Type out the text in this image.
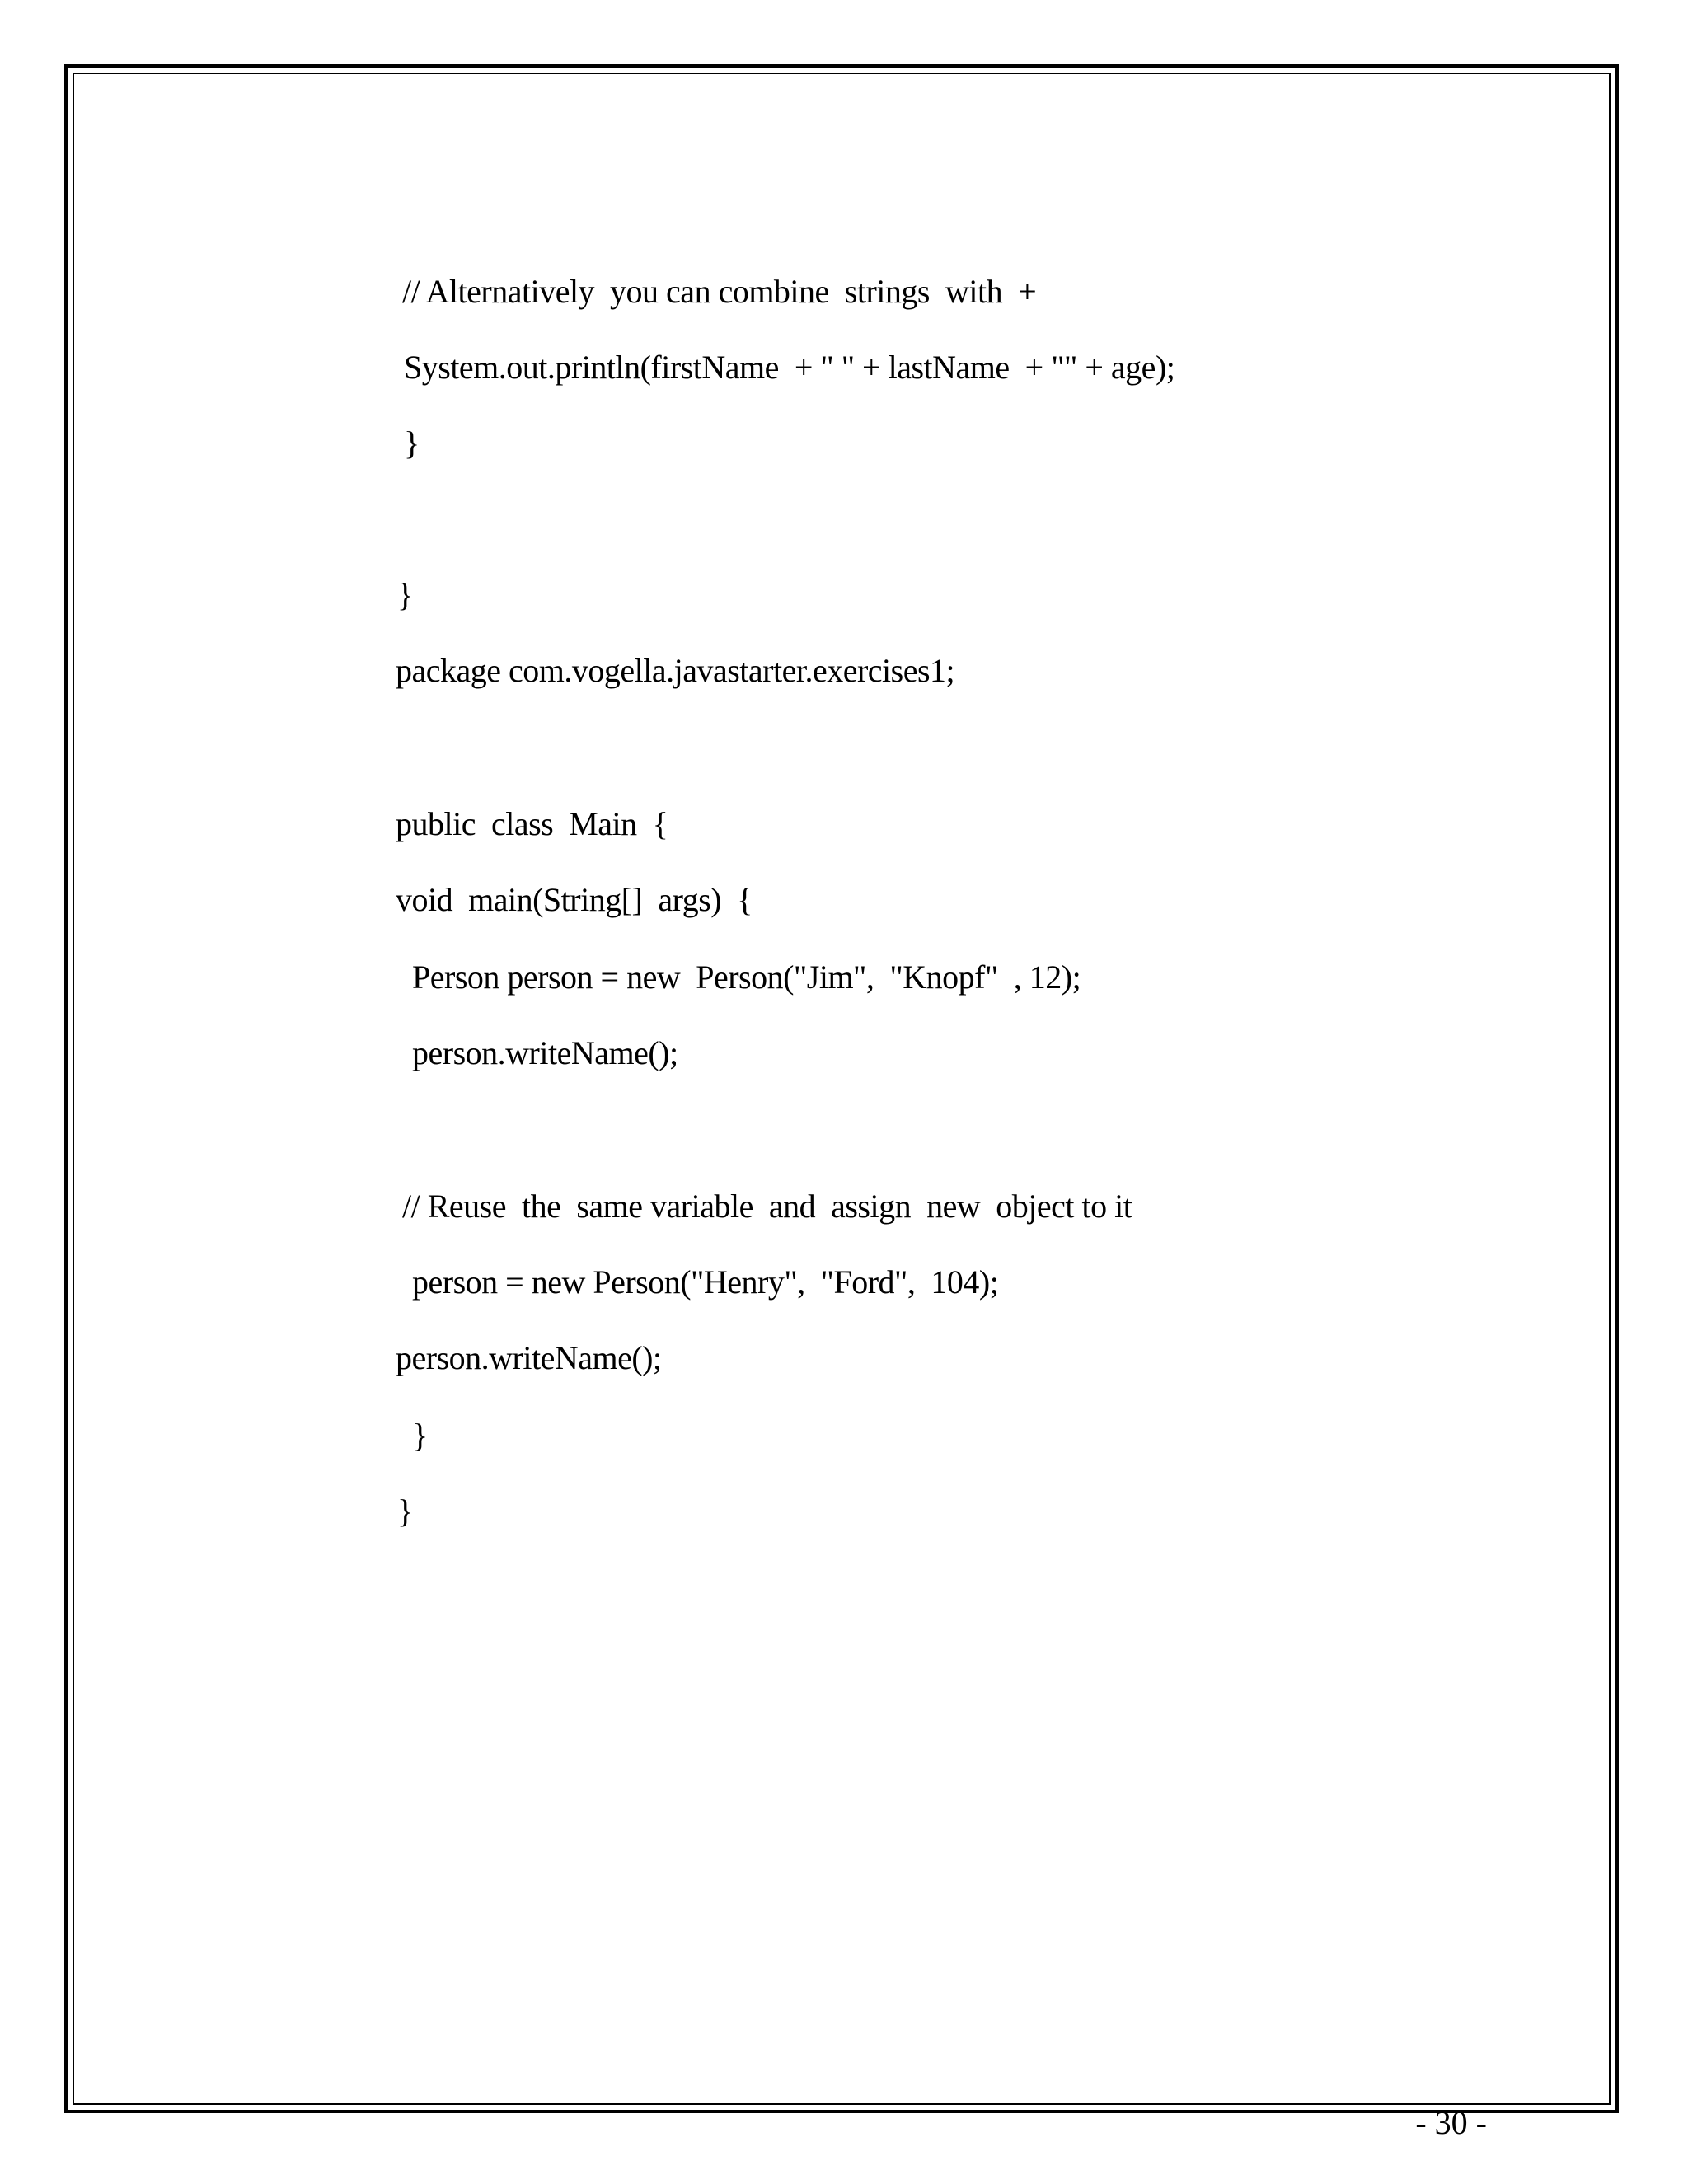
// Alternatively  you can combine  strings  with  +
System.out.println(firstName  + " " + lastName  + "" + age);
}
}
package com.vogella.javastarter.exercises1;
public  class  Main  {
void  main(String[]  args)  {
Person person = new  Person("Jim",  "Knopf"  , 12);
person.writeName();
// Reuse  the  same variable  and  assign  new  object to it
person = new Person("Henry",  "Ford",  104);
person.writeName();
}
}
- 30 -
